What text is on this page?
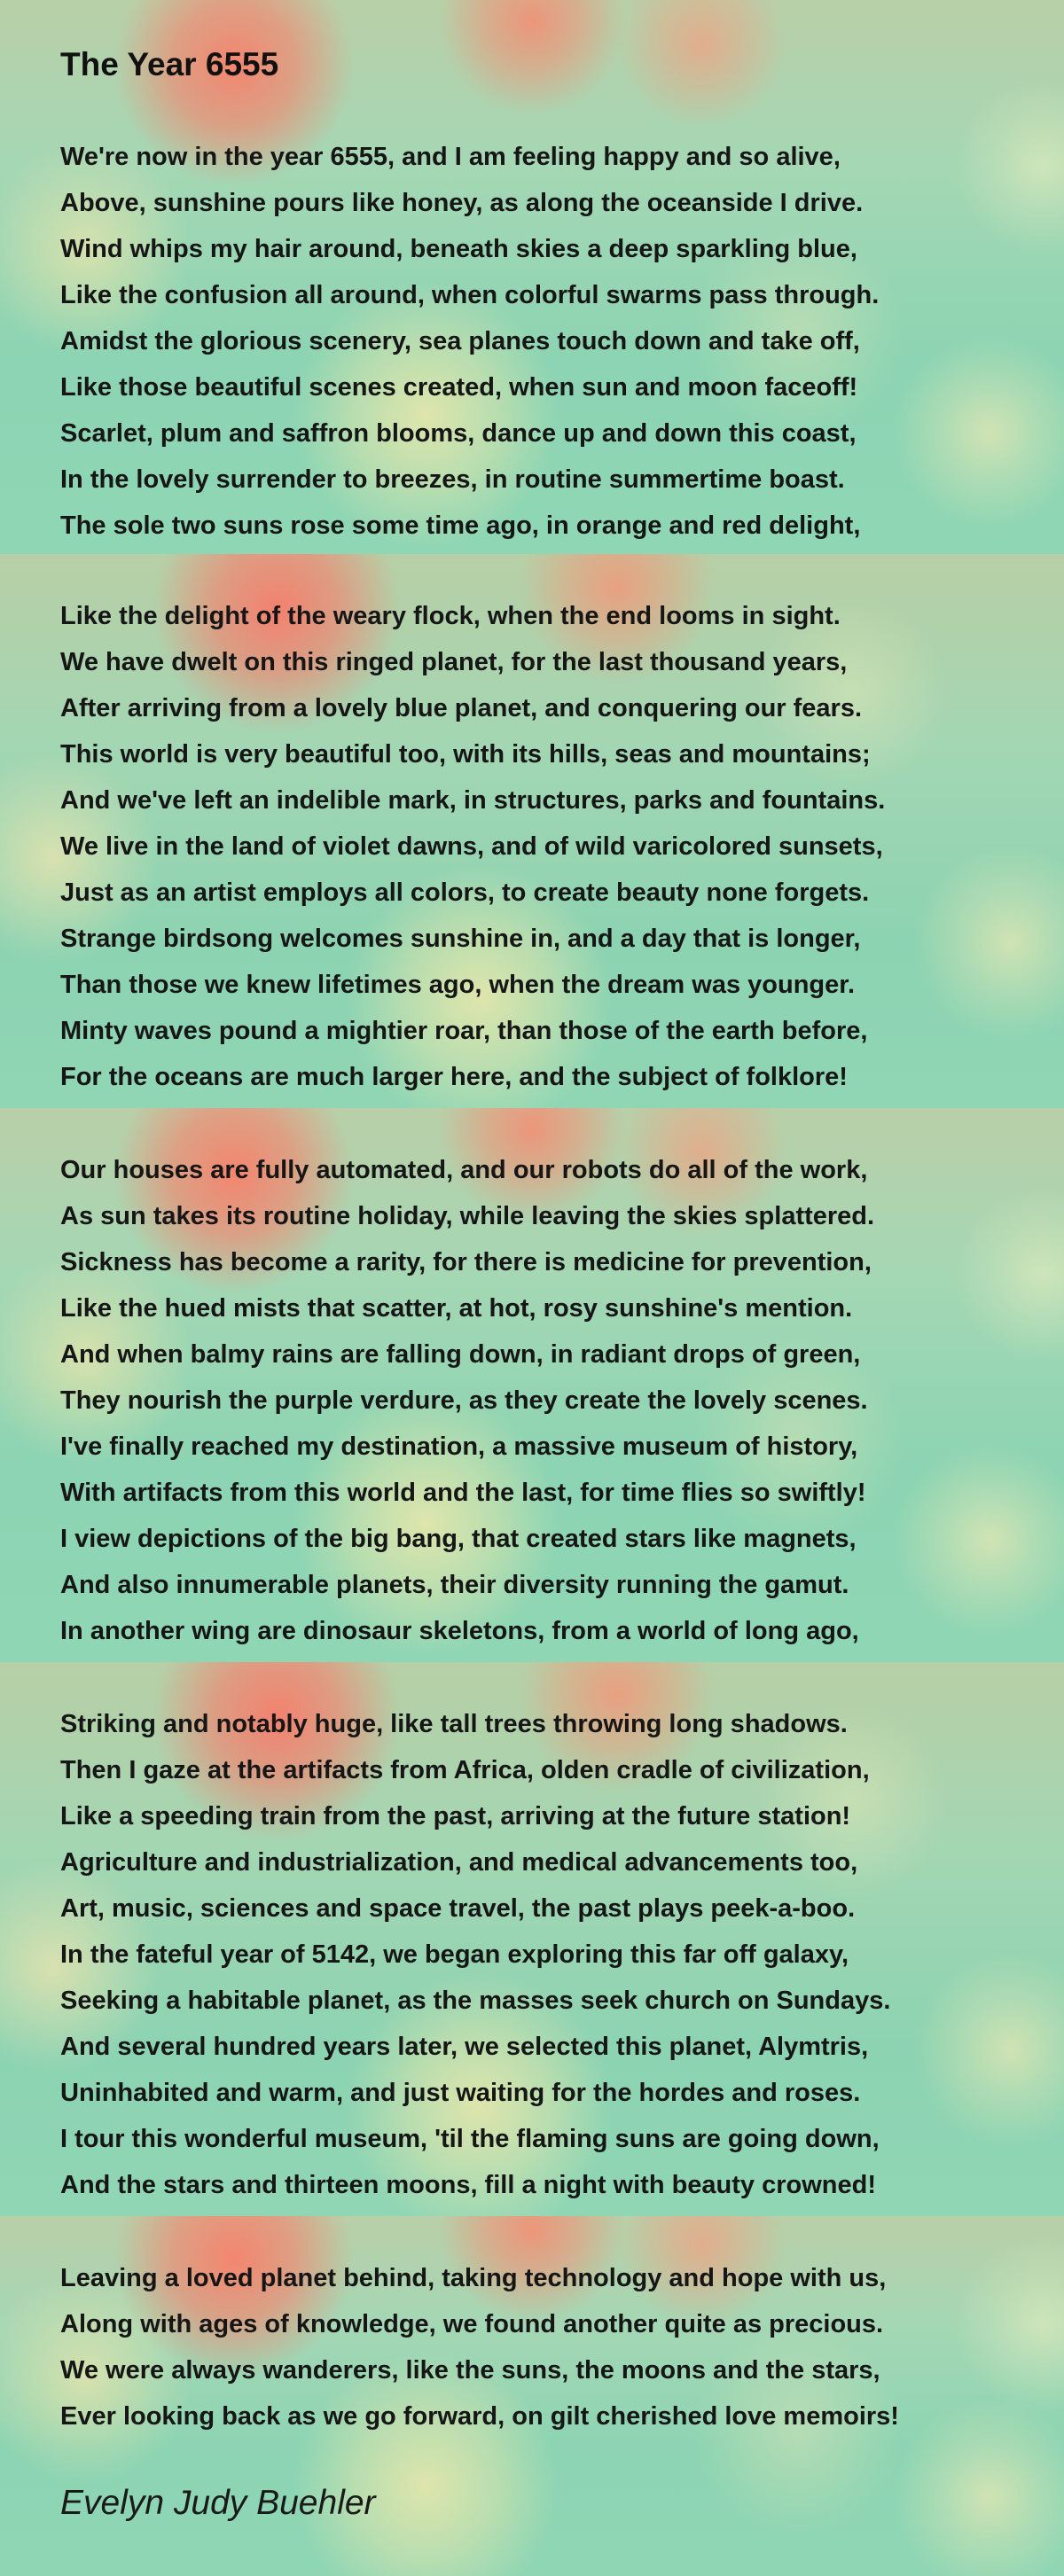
The Year 6555
We're now in the year 6555, and I am feeling happy and so alive,
Above, sunshine pours like honey, as along the oceanside I drive.
Wind whips my hair around, beneath skies a deep sparkling blue,
Like the confusion all around, when colorful swarms pass through.
Amidst the glorious scenery, sea planes touch down and take off,
Like those beautiful scenes created, when sun and moon faceoff!
Scarlet, plum and saffron blooms, dance up and down this coast,
In the lovely surrender to breezes, in routine summertime boast.
The sole two suns rose some time ago, in orange and red delight,
Like the delight of the weary flock, when the end looms in sight.
We have dwelt on this ringed planet, for the last thousand years,
After arriving from a lovely blue planet, and conquering our fears.
This world is very beautiful too, with its hills, seas and mountains;
And we've left an indelible mark, in structures, parks and fountains.
We live in the land of violet dawns, and of wild varicolored sunsets,
Just as an artist employs all colors, to create beauty none forgets.
Strange birdsong welcomes sunshine in, and a day that is longer,
Than those we knew lifetimes ago, when the dream was younger.
Minty waves pound a mightier roar, than those of the earth before,
For the oceans are much larger here, and the subject of folklore!
Our houses are fully automated, and our robots do all of the work,
As sun takes its routine holiday, while leaving the skies splattered.
Sickness has become a rarity, for there is medicine for prevention,
Like the hued mists that scatter, at hot, rosy sunshine's mention.
And when balmy rains are falling down, in radiant drops of green,
They nourish the purple verdure, as they create the lovely scenes.
I've finally reached my destination, a massive museum of history,
With artifacts from this world and the last, for time flies so swiftly!
I view depictions of the big bang, that created stars like magnets,
And also innumerable planets, their diversity running the gamut.
In another wing are dinosaur skeletons, from a world of long ago,
Striking and notably huge, like tall trees throwing long shadows.
Then I gaze at the artifacts from Africa, olden cradle of civilization,
Like a speeding train from the past, arriving at the future station!
Agriculture and industrialization, and medical advancements too,
Art, music, sciences and space travel, the past plays peek-a-boo.
In the fateful year of 5142, we began exploring this far off galaxy,
Seeking a habitable planet, as the masses seek church on Sundays.
And several hundred years later, we selected this planet, Alymtris,
Uninhabited and warm, and just waiting for the hordes and roses.
I tour this wonderful museum, 'til the flaming suns are going down,
And the stars and thirteen moons, fill a night with beauty crowned!
Leaving a loved planet behind, taking technology and hope with us,
Along with ages of knowledge, we found another quite as precious.
We were always wanderers, like the suns, the moons and the stars,
Ever looking back as we go forward, on gilt cherished love memoirs!

Evelyn Judy Buehler
